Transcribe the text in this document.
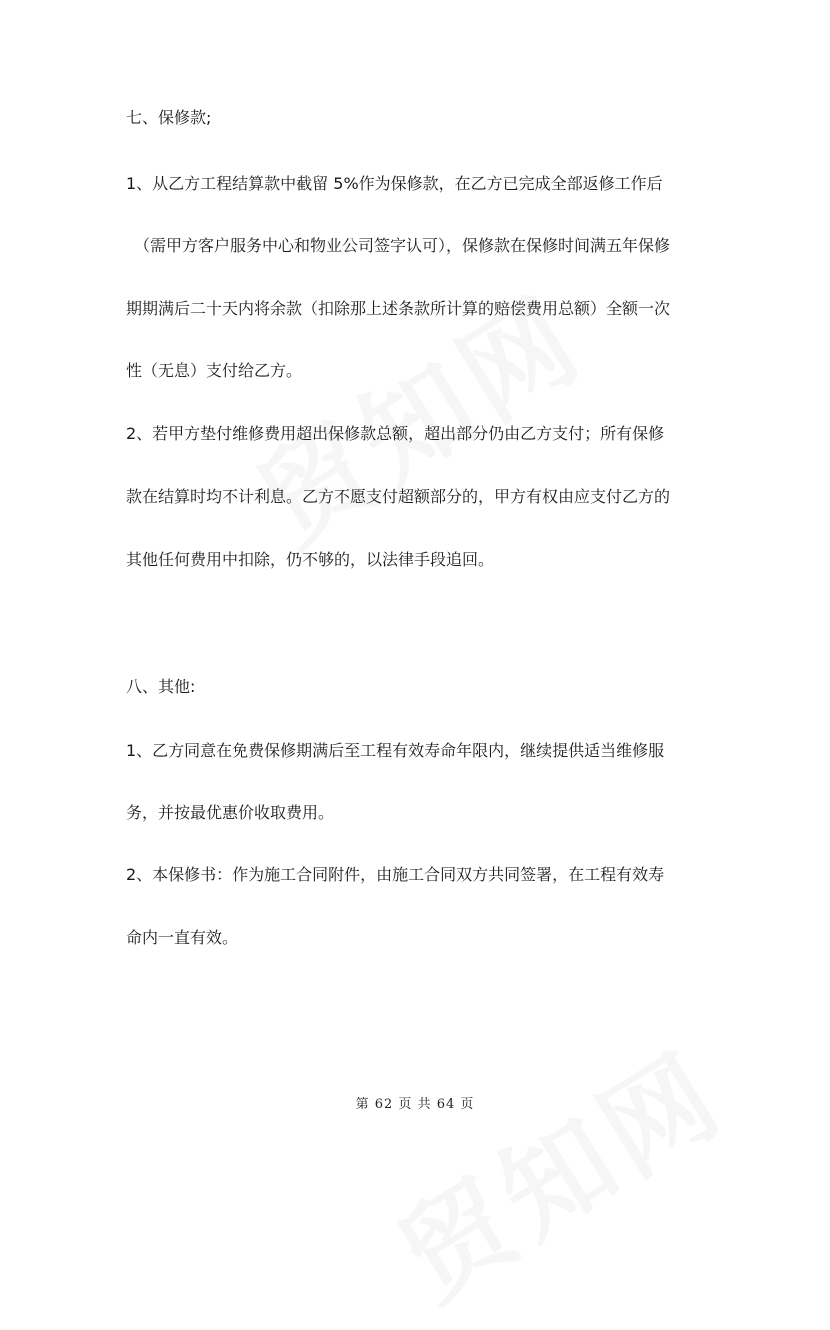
七、保修款;
1、从乙方工程结算款中截留 5%作为保修款，在乙方已完成全部返修工作后
（需甲方客户服务中心和物业公司签字认可），保修款在保修时间满五年保修
期期满后二十天内将余款（扣除那上述条款所计算的赔偿费用总额）全额一次
性（无息）支付给乙方。
2、若甲方垫付维修费用超出保修款总额，超出部分仍由乙方支付；所有保修
款在结算时均不计利息。乙方不愿支付超额部分的，甲方有权由应支付乙方的
其他任何费用中扣除，仍不够的，以法律手段追回。
八、其他:
1、乙方同意在免费保修期满后至工程有效寿命年限内，继续提供适当维修服
务，并按最优惠价收取费用。
2、本保修书：作为施工合同附件，由施工合同双方共同签署，在工程有效寿
命内一直有效。
第 62 页 共 64 页
